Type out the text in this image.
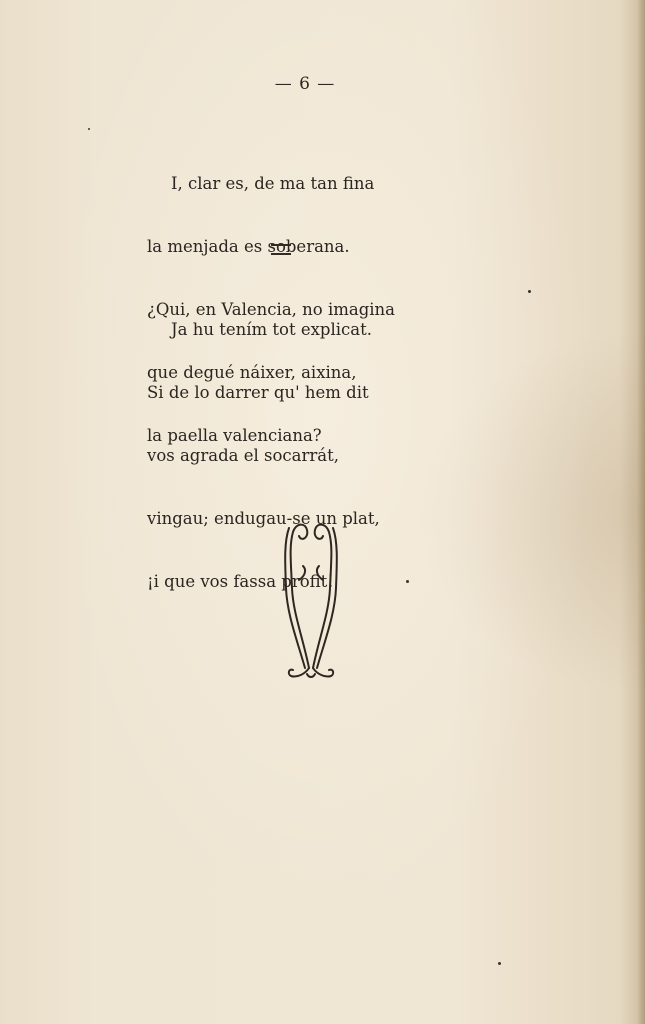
— 6 —

I, clar es, de ma tan fina

la menjada es soberana.

¿Qui, en Valencia, no imagina

que degué náixer, aixina,

la paella valenciana?

Ja hu tením tot explicat.

Si de lo darrer qu' hem dit

vos agrada el socarrát,

vingau; endugau-se un plat,

¡i que vos fassa profit!
